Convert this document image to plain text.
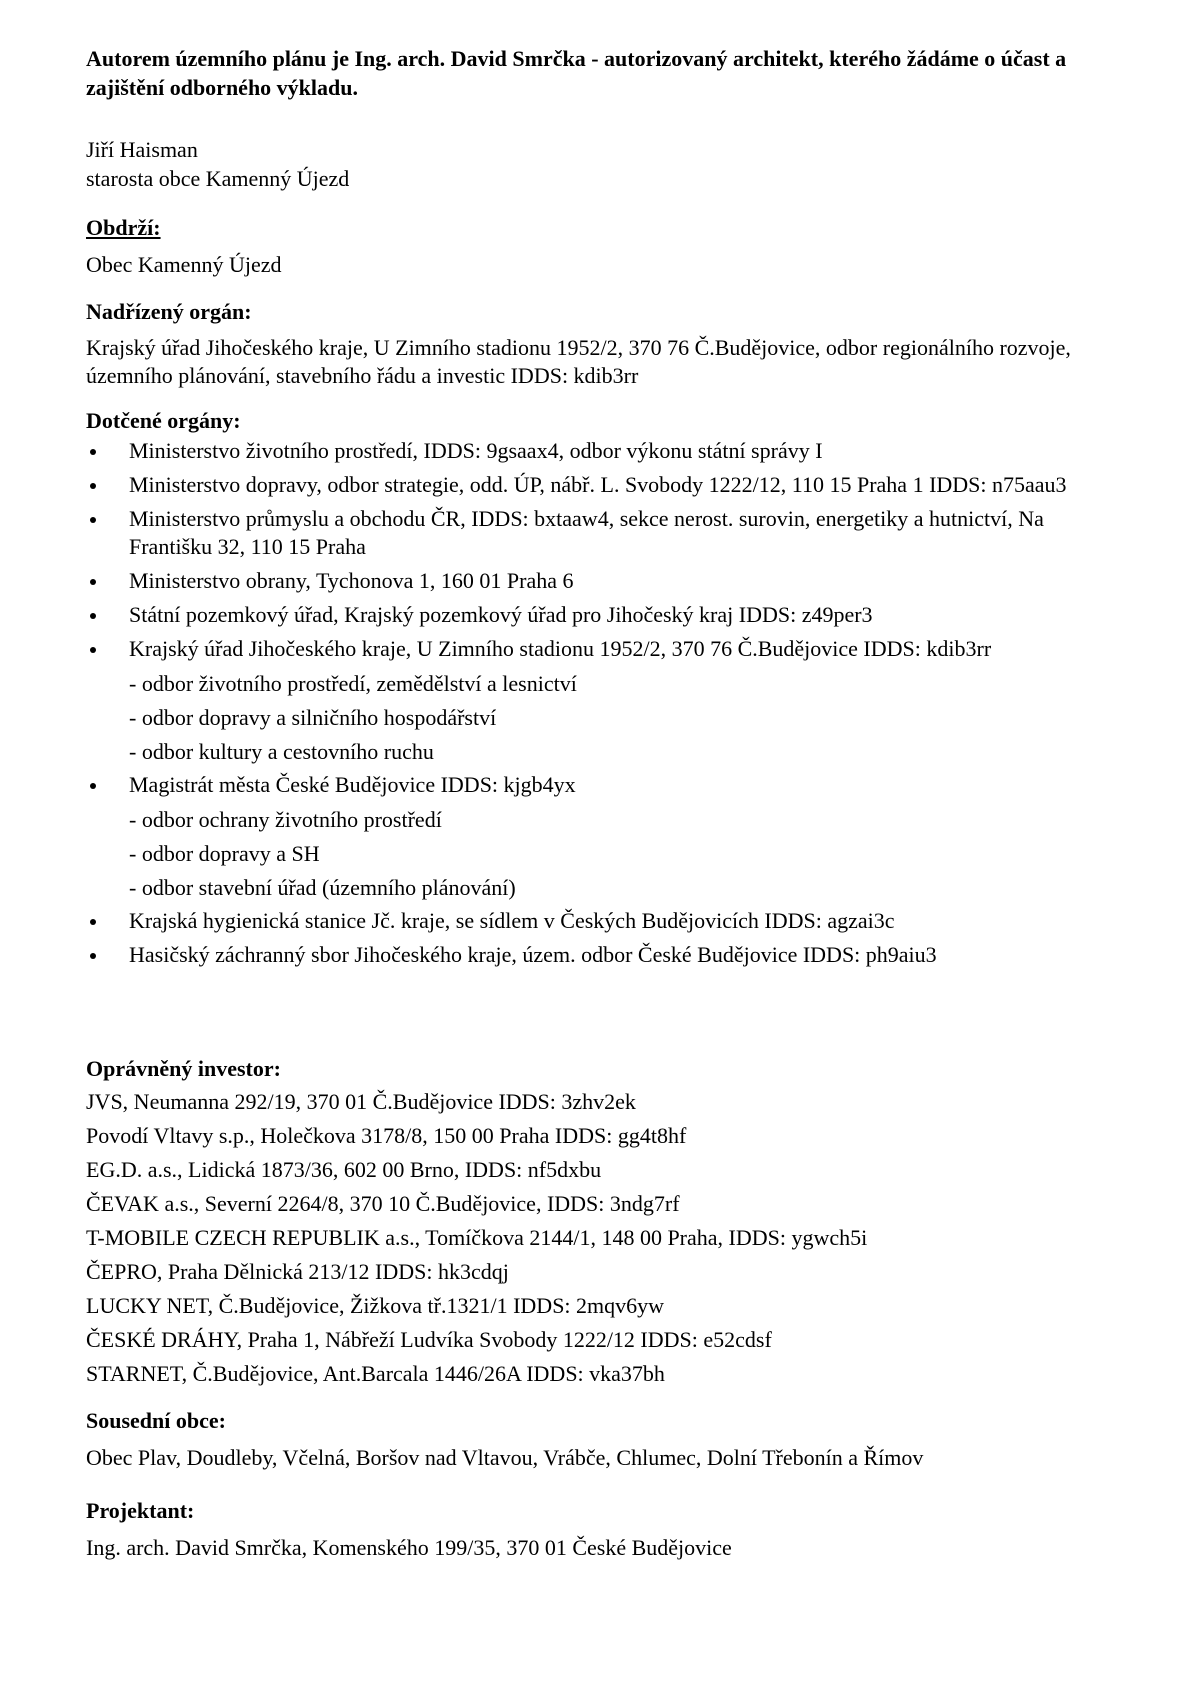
Autorem územního plánu je Ing. arch. David Smrčka - autorizovaný architekt, kterého žádáme o účast a zajištění odborného výkladu.
Jiří Haisman
starosta obce Kamenný Újezd
Obdrží:
Obec Kamenný Újezd
Nadřízený orgán:
Krajský úřad Jihočeského kraje, U Zimního stadionu 1952/2, 370 76 Č.Budějovice, odbor regionálního rozvoje, územního plánování, stavebního řádu a investic IDDS: kdib3rr
Dotčené orgány:
Ministerstvo životního prostředí, IDDS: 9gsaax4, odbor výkonu státní správy I
Ministerstvo dopravy, odbor strategie, odd. ÚP, nábř. L. Svobody 1222/12, 110 15 Praha 1 IDDS: n75aau3
Ministerstvo průmyslu a obchodu ČR, IDDS: bxtaaw4, sekce nerost. surovin, energetiky a hutnictví, Na Františku 32, 110 15 Praha
Ministerstvo obrany, Tychonova 1, 160 01 Praha 6
Státní pozemkový úřad, Krajský pozemkový úřad pro Jihočeský kraj IDDS: z49per3
Krajský úřad Jihočeského kraje, U Zimního stadionu 1952/2, 370 76 Č.Budějovice IDDS: kdib3rr
- odbor životního prostředí, zemědělství a lesnictví
- odbor dopravy a silničního hospodářství
- odbor kultury a cestovního ruchu
Magistrát města České Budějovice IDDS: kjgb4yx
- odbor ochrany životního prostředí
- odbor dopravy a SH
- odbor stavební úřad (územního plánování)
Krajská hygienická stanice Jč. kraje, se sídlem v Českých Budějovicích IDDS: agzai3c
Hasičský záchranný sbor Jihočeského kraje, územ. odbor České Budějovice IDDS: ph9aiu3
Oprávněný investor:
JVS, Neumanna 292/19, 370 01 Č.Budějovice IDDS: 3zhv2ek
Povodí Vltavy s.p., Holečkova 3178/8, 150 00 Praha IDDS: gg4t8hf
EG.D. a.s., Lidická 1873/36, 602 00 Brno, IDDS: nf5dxbu
ČEVAK a.s., Severní 2264/8, 370 10 Č.Budějovice, IDDS: 3ndg7rf
T-MOBILE CZECH REPUBLIK a.s., Tomíčkova 2144/1, 148 00 Praha, IDDS: ygwch5i
ČEPRO, Praha Dělnická 213/12 IDDS: hk3cdqj
LUCKY NET, Č.Budějovice, Žižkova tř.1321/1 IDDS: 2mqv6yw
ČESKÉ DRÁHY, Praha 1, Nábřeží Ludvíka Svobody 1222/12 IDDS: e52cdsf
STARNET, Č.Budějovice, Ant.Barcala 1446/26A IDDS: vka37bh
Sousední obce:
Obec Plav, Doudleby, Včelná, Boršov nad Vltavou, Vrábče, Chlumec, Dolní Třebonín a Římov
Projektant:
Ing. arch. David Smrčka, Komenského 199/35, 370 01 České Budějovice
